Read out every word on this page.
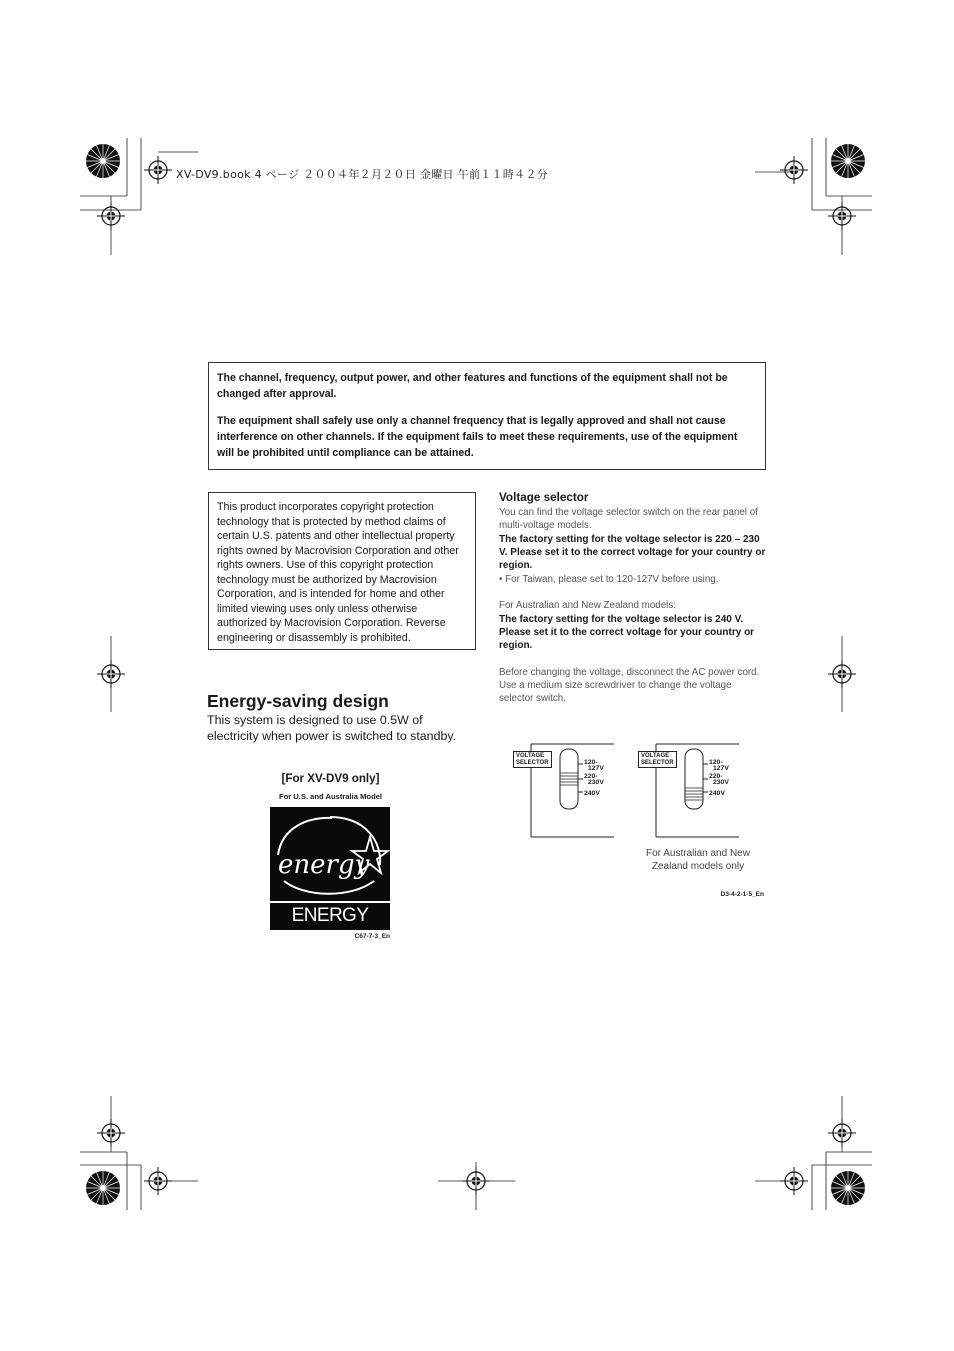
XV-DV9.book 4 ページ ２００４年２月２０日 金曜日 午前１１時４２分

The channel, frequency, output power, and other features and functions of the equipment shall not be changed after approval.

The equipment shall safely use only a channel frequency that is legally approved and shall not cause interference on other channels. If the equipment fails to meet these requirements, use of the equipment will be prohibited until compliance can be attained.

This product incorporates copyright protection technology that is protected by method claims of certain U.S. patents and other intellectual property rights owned by Macrovision Corporation and other rights owners. Use of this copyright protection technology must be authorized by Macrovision Corporation, and is intended for home and other limited viewing uses only unless otherwise authorized by Macrovision Corporation. Reverse engineering or disassembly is prohibited.
Energy-saving design
This system is designed to use 0.5W of electricity when power is switched to standby.
[For XV-DV9 only]
For U.S. and Australia Model
energy
ENERGY STAR C67-7-3_En
Voltage selector
You can find the voltage selector switch on the rear panel of multi-voltage models.
The factory setting for the voltage selector is 220 – 230 V. Please set it to the correct voltage for your country or region.
• For Taiwan, please set to 120-127V before using.
For Australian and New Zealand models:
The factory setting for the voltage selector is 240 V. Please set it to the correct voltage for your country or region.
Before changing the voltage, disconnect the AC power cord. Use a medium size screwdriver to change the voltage selector switch.
VOLTAGE
SELECTOR	120-
127V
220-
230V
240V
VOLTAGE
SELECTOR	120-
127V
220-
230V
240V
For Australian and New Zealand models only
D3-4-2-1-5_En
